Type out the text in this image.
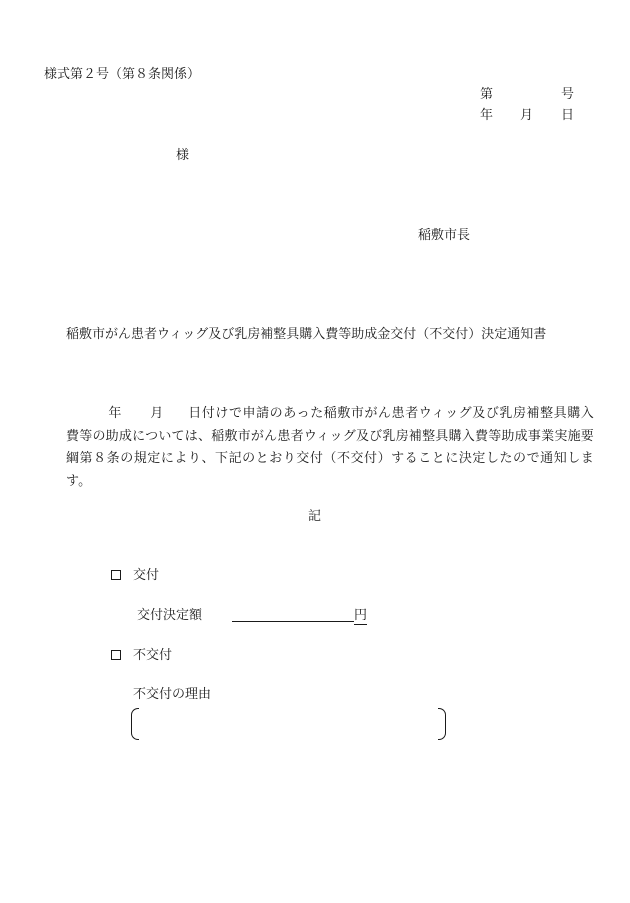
様式第２号（第８条関係）
第	号
年 月 日
様
稲敷市長
稲敷市がん患者ウィッグ及び乳房補整具購入費等助成金交付（不交付）決定通知書
年 月 日付けで申請のあった稲敷市がん患者ウィッグ及び乳房補整具購入費等の助成については、稲敷市がん患者ウィッグ及び乳房補整具購入費等助成事業実施要綱第８条の規定により、下記のとおり交付（不交付）することに決定したので通知します。
記
交付
交付決定額	円
不交付
不交付の理由
